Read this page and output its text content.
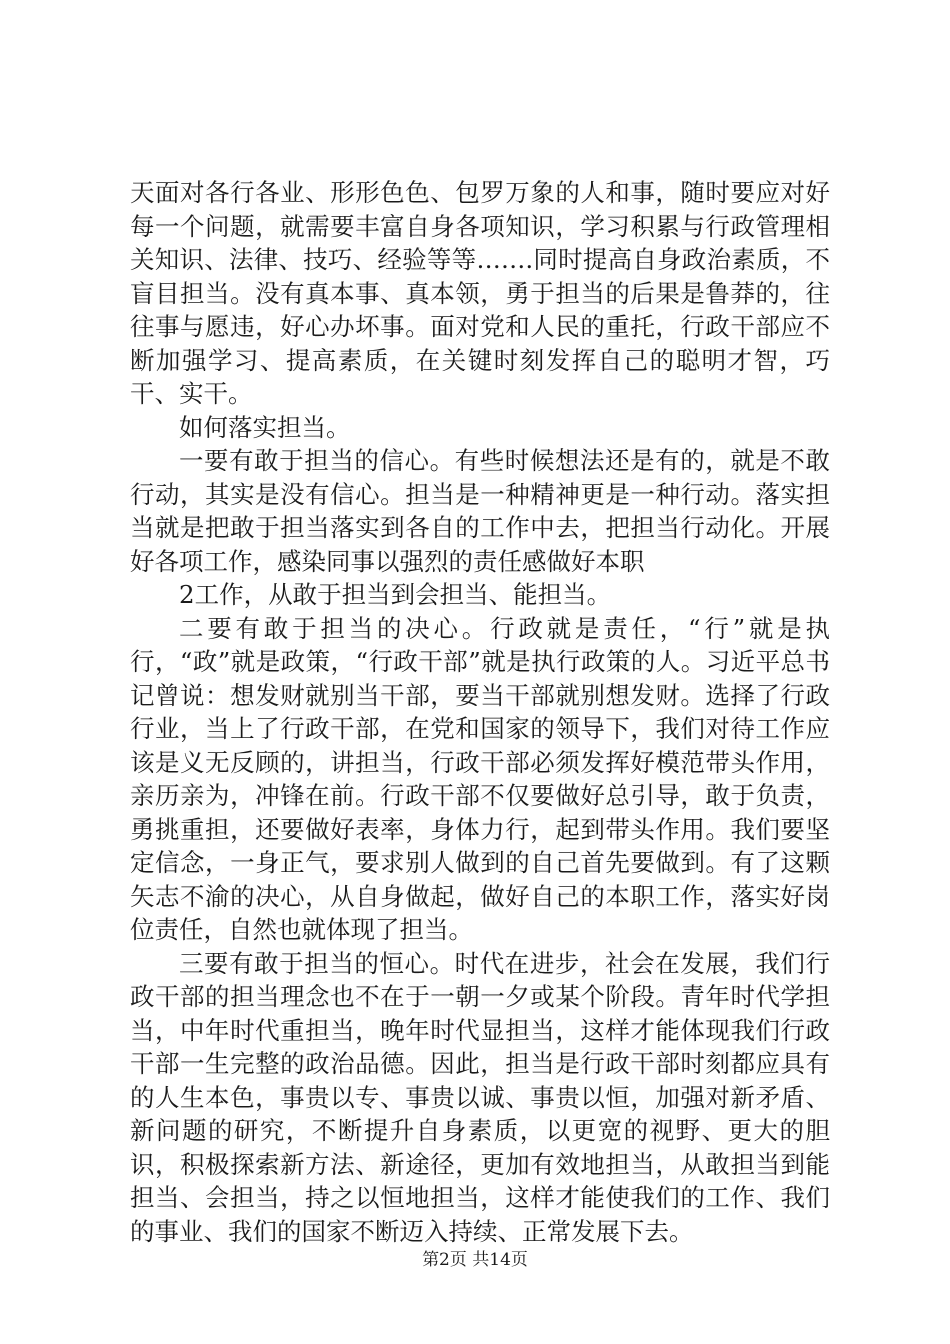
天面对各行各业、形形色色、包罗万象的人和事，随时要应对好每一个问题，就需要丰富自身各项知识，学习积累与行政管理相关知识、法律、技巧、经验等等…….同时提高自身政治素质，不盲目担当。没有真本事、真本领，勇于担当的后果是鲁莽的，往往事与愿违，好心办坏事。面对党和人民的重托，行政干部应不断加强学习、提高素质，在关键时刻发挥自己的聪明才智，巧干、实干。

如何落实担当。

一要有敢于担当的信心。有些时候想法还是有的，就是不敢行动，其实是没有信心。担当是一种精神更是一种行动。落实担当就是把敢于担当落实到各自的工作中去，把担当行动化。开展好各项工作，感染同事以强烈的责任感做好本职

2工作，从敢于担当到会担当、能担当。

二要有敢于担当的决心。行政就是责任，“行”就是执行，“政”就是政策，“行政干部”就是执行政策的人。习近平总书记曾说：想发财就别当干部，要当干部就别想发财。选择了行政行业，当上了行政干部，在党和国家的领导下，我们对待工作应该是义无反顾的，讲担当，行政干部必须发挥好模范带头作用，亲历亲为，冲锋在前。行政干部不仅要做好总引导，敢于负责，勇挑重担，还要做好表率，身体力行，起到带头作用。我们要坚定信念，一身正气，要求别人做到的自己首先要做到。有了这颗矢志不渝的决心，从自身做起，做好自己的本职工作，落实好岗位责任，自然也就体现了担当。

三要有敢于担当的恒心。时代在进步，社会在发展，我们行政干部的担当理念也不在于一朝一夕或某个阶段。青年时代学担当，中年时代重担当，晚年时代显担当，这样才能体现我们行政干部一生完整的政治品德。因此，担当是行政干部时刻都应具有的人生本色，事贵以专、事贵以诚、事贵以恒，加强对新矛盾、新问题的研究，不断提升自身素质，以更宽的视野、更大的胆识，积极探索新方法、新途径，更加有效地担当，从敢担当到能担当、会担当，持之以恒地担当，这样才能使我们的工作、我们的事业、我们的国家不断迈入持续、正常发展下去。

第2页 共14页
